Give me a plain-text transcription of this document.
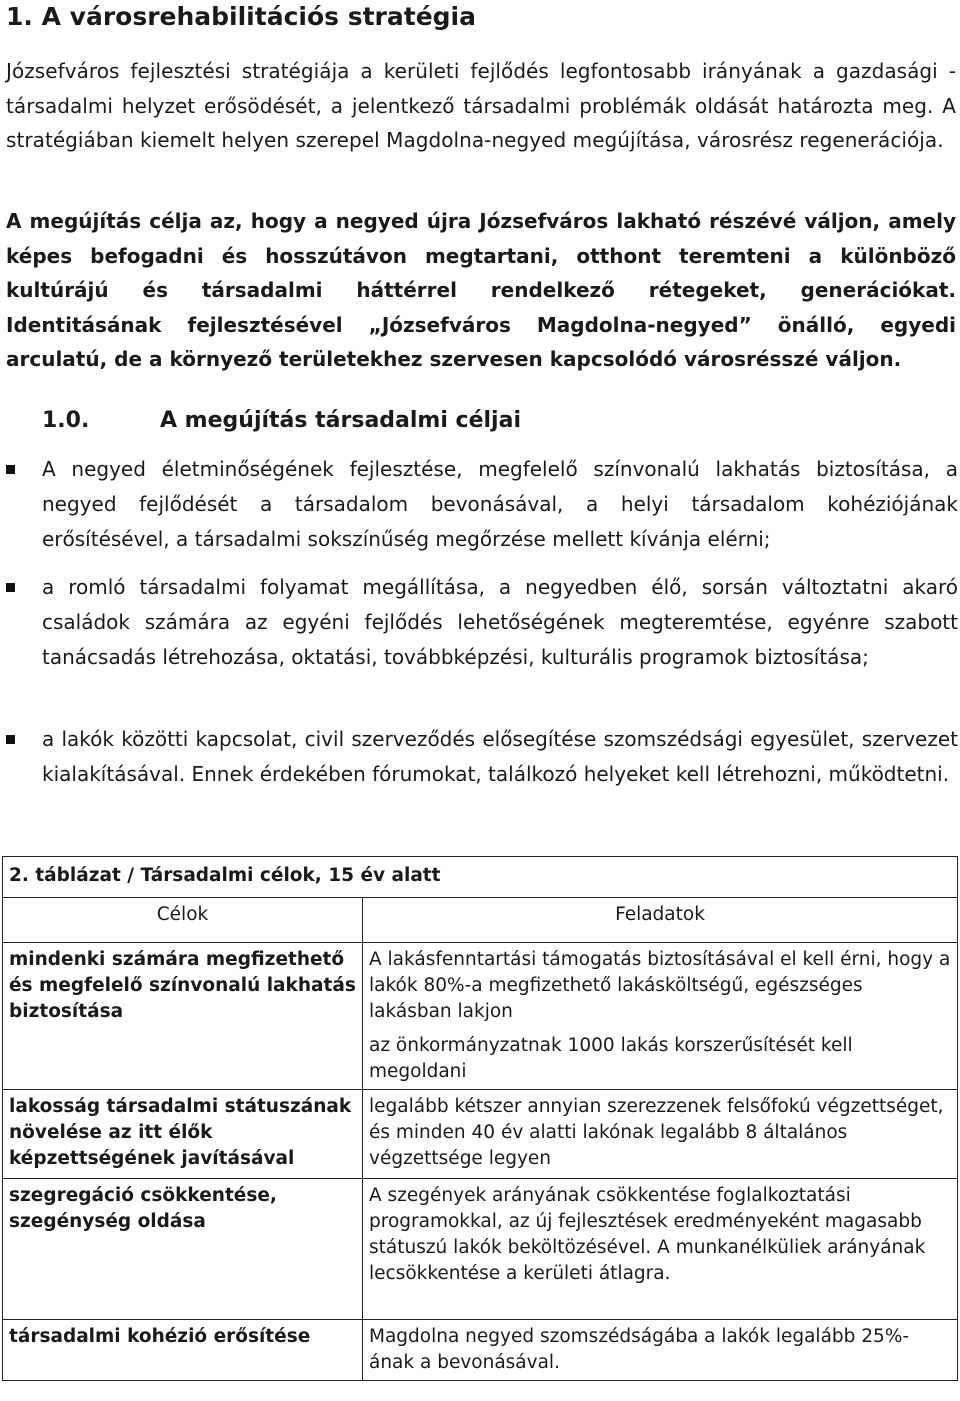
1. A városrehabilitációs stratégia
Józsefváros fejlesztési stratégiája a kerületi fejlődés legfontosabb irányának a gazdasági - társadalmi helyzet erősödését, a jelentkező társadalmi problémák oldását határozta meg. A stratégiában kiemelt helyen szerepel Magdolna-negyed megújítása, városrész regenerációja.
A megújítás célja az, hogy a negyed újra Józsefváros lakható részévé váljon, amely képes befogadni és hosszútávon megtartani, otthont teremteni a különböző kultúrájú és társadalmi háttérrel rendelkező rétegeket, generációkat. Identitásának fejlesztésével „Józsefváros Magdolna-negyed” önálló, egyedi arculatú, de a környező területekhez szervesen kapcsolódó városrésszé váljon.
1.0.	A megújítás társadalmi céljai
A negyed életminőségének fejlesztése, megfelelő színvonalú lakhatás biztosítása, a negyed fejlődését a társadalom bevonásával, a helyi társadalom kohéziójának erősítésével, a társadalmi sokszínűség megőrzése mellett kívánja elérni;
a romló társadalmi folyamat megállítása, a negyedben élő, sorsán változtatni akaró családok számára az egyéni fejlődés lehetőségének megteremtése, egyénre szabott tanácsadás létrehozása, oktatási, továbbképzési, kulturális programok biztosítása;
a lakók közötti kapcsolat, civil szerveződés elősegítése szomszédsági egyesület, szervezet kialakításával. Ennek érdekében fórumokat, találkozó helyeket kell létrehozni, működtetni.
2. táblázat / Társadalmi célok, 15 év alatt	
Célok	Feladatok
mindenki számára megfizethető és megfelelő színvonalú lakhatás biztosítása	A lakásfenntartási támogatás biztosításával el kell érni, hogy a lakók 80%-a megfizethető lakásköltségű, egészséges lakásban lakjon

az önkormányzatnak 1000 lakás korszerűsítését kell megoldani

lakosság társadalmi státuszának növelése az itt élők képzettségének javításával	legalább kétszer annyian szerezzenek felsőfokú végzettséget, és minden 40 év alatti lakónak legalább 8 általános végzettsége legyen

szegregáció csökkentése, szegénység oldása	A szegények arányának csökkentése foglalkoztatási programokkal, az új fejlesztések eredményeként magasabb státuszú lakók beköltözésével. A munkanélküliek arányának lecsökkentése a kerületi átlagra.

társadalmi kohézió erősítése	Magdolna negyed szomszédságába a lakók legalább 25%-ának a bevonásával.
